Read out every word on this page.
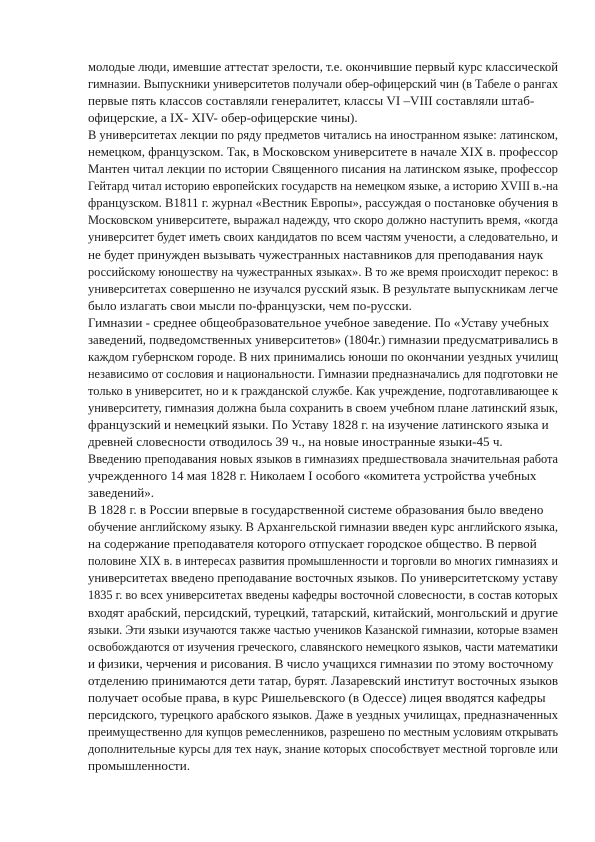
молодые люди, имевшие аттестат зрелости, т.е. окончившие первый курс классической
гимназии. Выпускники университетов получали обер-офицерский чин (в Табеле о рангах
первые пять классов составляли генералитет, классы VI –VIII составляли штаб-
офицерские, а IX- XIV- обер-офицерские чины).
В университетах лекции по ряду предметов читались на иностранном языке: латинском,
немецком, французском. Так, в Московском университете в начале XIX в. профессор
Мантен читал лекции по истории Священного писания на латинском языке, профессор
Гейтард читал историю европейских государств на немецком языке, а историю XVIII в.-на
французском. В1811 г. журнал «Вестник Европы», рассуждая о постановке обучения в
Московском университете, выражал надежду, что скоро должно наступить время, «когда
университет будет иметь своих кандидатов по всем частям учености, а следовательно, и
не будет принужден вызывать чужестранных наставников для преподавания наук
российскому юношеству на чужестранных языках». В то же время происходит перекос: в
университетах совершенно не изучался русский язык. В результате выпускникам легче
было излагать свои мысли по-французски, чем по-русски.
Гимназии - среднее общеобразовательное учебное заведение. По «Уставу учебных
заведений, подведомственных университетов» (1804г.) гимназии предусматривались в
каждом губернском городе. В них принимались юноши по окончании уездных училищ
независимо от сословия и национальности. Гимназии предназначались для подготовки не
только в университет, но и к гражданской службе. Как учреждение, подготавливающее к
университету, гимназия должна была сохранить в своем учебном плане латинский язык,
французский и немецкий языки. По Уставу 1828 г. на изучение латинского языка и
древней словесности отводилось 39 ч., на новые иностранные языки-45 ч.
Введению преподавания новых языков в гимназиях предшествовала значительная работа
учрежденного 14 мая 1828 г. Николаем I особого «комитета устройства учебных
заведений».
В 1828 г. в России впервые в государственной системе образования было введено
обучение английскому языку. В Архангельской гимназии введен курс английского языка,
на содержание преподавателя которого отпускает городское общество. В первой
половине XIX в. в интересах развития промышленности и торговли во многих гимназиях и
университетах введено преподавание восточных языков. По университетскому уставу
1835 г. во всех университетах введены кафедры восточной словесности, в состав которых
входят арабский, персидский, турецкий, татарский, китайский, монгольский и другие
языки. Эти языки изучаются также частью учеников Казанской гимназии, которые взамен
освобождаются от изучения греческого, славянского немецкого языков, части математики
и физики, черчения и рисования. В число учащихся гимназии по этому восточному
отделению принимаются дети татар, бурят. Лазаревский институт восточных языков
получает особые права, в курс Ришельевского (в Одессе) лицея вводятся кафедры
персидского, турецкого арабского языков. Даже в уездных училищах, предназначенных
преимущественно для купцов ремесленников, разрешено по местным условиям открывать
дополнительные курсы для тех наук, знание которых способствует местной торговле или
промышленности.
